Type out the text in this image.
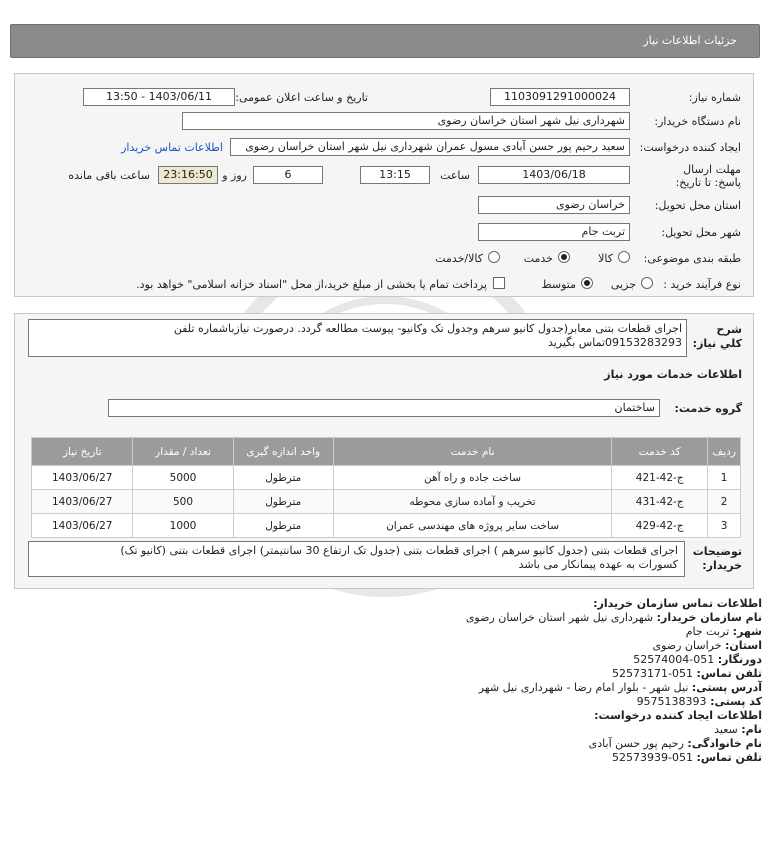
جزئیات اطلاعات نیاز
شماره نیاز:
1103091291000024
تاریخ و ساعت اعلان عمومی:
1403/06/11 - 13:50
نام دستگاه خریدار:
شهرداری نیل شهر استان خراسان رضوی
ایجاد کننده درخواست:
سعید رحیم پور حسن آبادی مسول عمران شهرداری نیل شهر استان خراسان رضوی
اطلاعات تماس خریدار
مهلت ارسال پاسخ: تا تاریخ:
1403/06/18
ساعت
13:15
6
روز و
23:16:50
ساعت باقی مانده
استان محل تحویل:
خراسان رضوی
شهر محل تحویل:
تربت جام
طبقه بندی موضوعی:
کالا
خدمت
کالا/خدمت
نوع فرآیند خرید :
جزیی
متوسط
پرداخت تمام یا بخشی از مبلغ خرید،از محل "اسناد خزانه اسلامی" خواهد بود.
شرح کلي نياز:
اجرای قطعات بتنی معابر(جدول کانیو سرهم وجدول تک وکانیو- پیوست مطالعه گردد. درصورت نیازباشماره تلفن
09153283293تماس بگیرید
اطلاعات خدمات مورد نیاز
گروه خدمت:
ساختمان
ردیف	کد خدمت	نام خدمت	واحد اندازه گیری	تعداد / مقدار	تاریخ نیاز
1	ج-42-421	ساخت جاده و راه آهن	مترطول	5000	1403/06/27
2	ج-42-431	تخریب و آماده سازی محوطه	مترطول	500	1403/06/27
3	ج-42-429	ساخت سایر پروژه های مهندسی عمران	مترطول	1000	1403/06/27
توضیحات خریدار:
اجرای قطعات بتنی (جدول کانیو سرهم ) اجرای قطعات بتنی (جدول تک ارتفاع 30 سانتیمتر) اجرای قطعات بتنی (کانیو تک)
کسورات به عهده پیمانکار می باشد
اطلاعات تماس سازمان خریدار:
نام سازمان خریدار: شهرداری نیل شهر استان خراسان رضوی
شهر: تربت جام
استان: خراسان رضوی
دورنگار: 051-52574004
تلفن تماس: 051-52573171
آدرس پستی: نیل شهر - بلوار امام رضا - شهرداری نیل شهر
کد پستی: 9575138393
اطلاعات ایجاد کننده درخواست:
نام: سعید
نام خانوادگی: رحیم پور حسن آبادی
تلفن تماس: 051-52573939
